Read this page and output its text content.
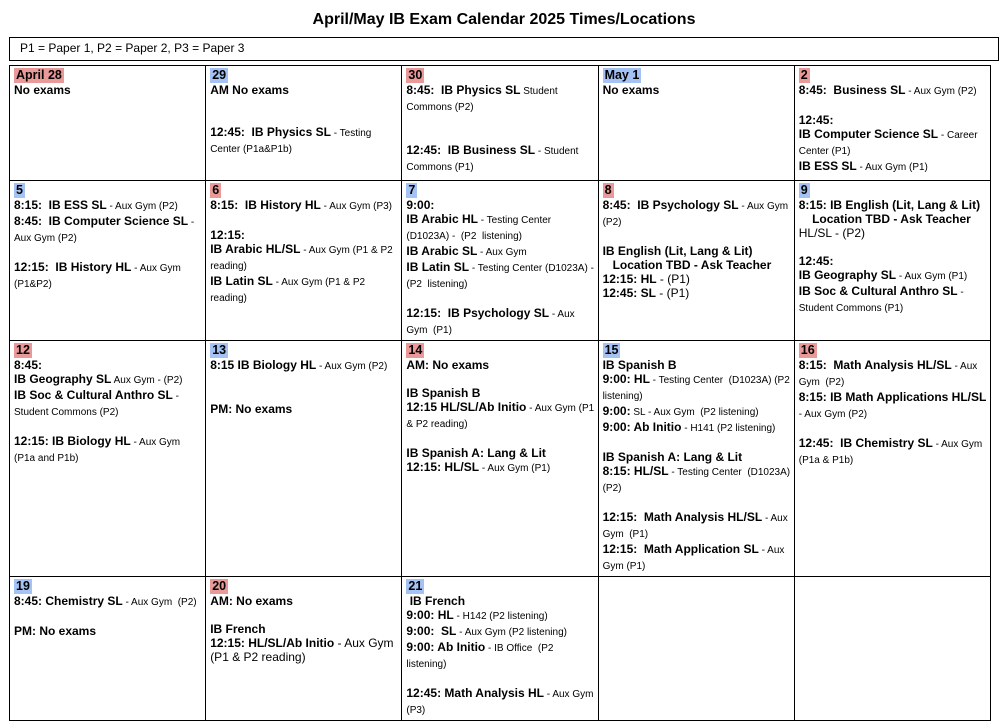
April/May IB Exam Calendar 2025 Times/Locations
P1 = Paper 1, P2 = Paper 2, P3 = Paper 3
April 28
No exams

29
AM No exams
12:45:  IB Physics SL - Testing Center (P1a&P1b)

30
8:45:  IB Physics SL Student Commons (P2)
12:45:  IB Business SL - Student Commons (P1)

May 1
No exams

2
8:45:  Business SL - Aux Gym (P2)
12:45:
IB Computer Science SL - Career Center (P1)
IB ESS SL - Aux Gym (P1)

5
8:15:  IB ESS SL - Aux Gym (P2)
8:45:  IB Computer Science SL - Aux Gym (P2)
12:15:  IB History HL - Aux Gym (P1&P2)

6
8:15:  IB History HL - Aux Gym (P3)
12:15:
IB Arabic HL/SL - Aux Gym (P1 & P2 reading)
IB Latin SL - Aux Gym (P1 & P2 reading)

7
9:00:
IB Arabic HL - Testing Center (D1023A) -  (P2  listening)
IB Arabic SL - Aux Gym
IB Latin SL - Testing Center (D1023A) - (P2  listening)
12:15:  IB Psychology SL - Aux Gym  (P1)

8
8:45:  IB Psychology SL - Aux Gym (P2)
IB English (Lit, Lang & Lit)
Location TBD - Ask Teacher
12:15: HL - (P1)
12:45: SL - (P1)

9
8:15: IB English (Lit, Lang & Lit)
Location TBD - Ask Teacher
HL/SL - (P2)
12:45:
IB Geography SL - Aux Gym (P1)
IB Soc & Cultural Anthro SL - Student Commons (P1)

12
8:45:
IB Geography SL Aux Gym - (P2)
IB Soc & Cultural Anthro SL - Student Commons (P2)
12:15: IB Biology HL - Aux Gym (P1a and P1b)

13
8:15 IB Biology HL - Aux Gym (P2)
PM: No exams

14
AM: No exams
IB Spanish B
12:15 HL/SL/Ab Initio - Aux Gym (P1 & P2 reading)
IB Spanish A: Lang & Lit
12:15: HL/SL - Aux Gym (P1)

15
IB Spanish B
9:00: HL - Testing Center  (D1023A) (P2 listening)
9:00: SL - Aux Gym  (P2 listening)
9:00: Ab Initio - H141 (P2 listening)
IB Spanish A: Lang & Lit
8:15: HL/SL - Testing Center  (D1023A) (P2)
12:15:  Math Analysis HL/SL - Aux Gym  (P1)
12:15:  Math Application SL - Aux Gym (P1)

16
8:15:  Math Analysis HL/SL - Aux Gym  (P2)
8:15: IB Math Applications HL/SL - Aux Gym (P2)
12:45:  IB Chemistry SL - Aux Gym (P1a & P1b)

19
8:45: Chemistry SL - Aux Gym  (P2)
PM: No exams

20
AM: No exams
IB French
12:15: HL/SL/Ab Initio - Aux Gym (P1 & P2 reading)

21
IB French
9:00: HL - H142 (P2 listening)
9:00:  SL - Aux Gym (P2 listening)
9:00: Ab Initio - IB Office  (P2 listening)
12:45: Math Analysis HL - Aux Gym (P3)
